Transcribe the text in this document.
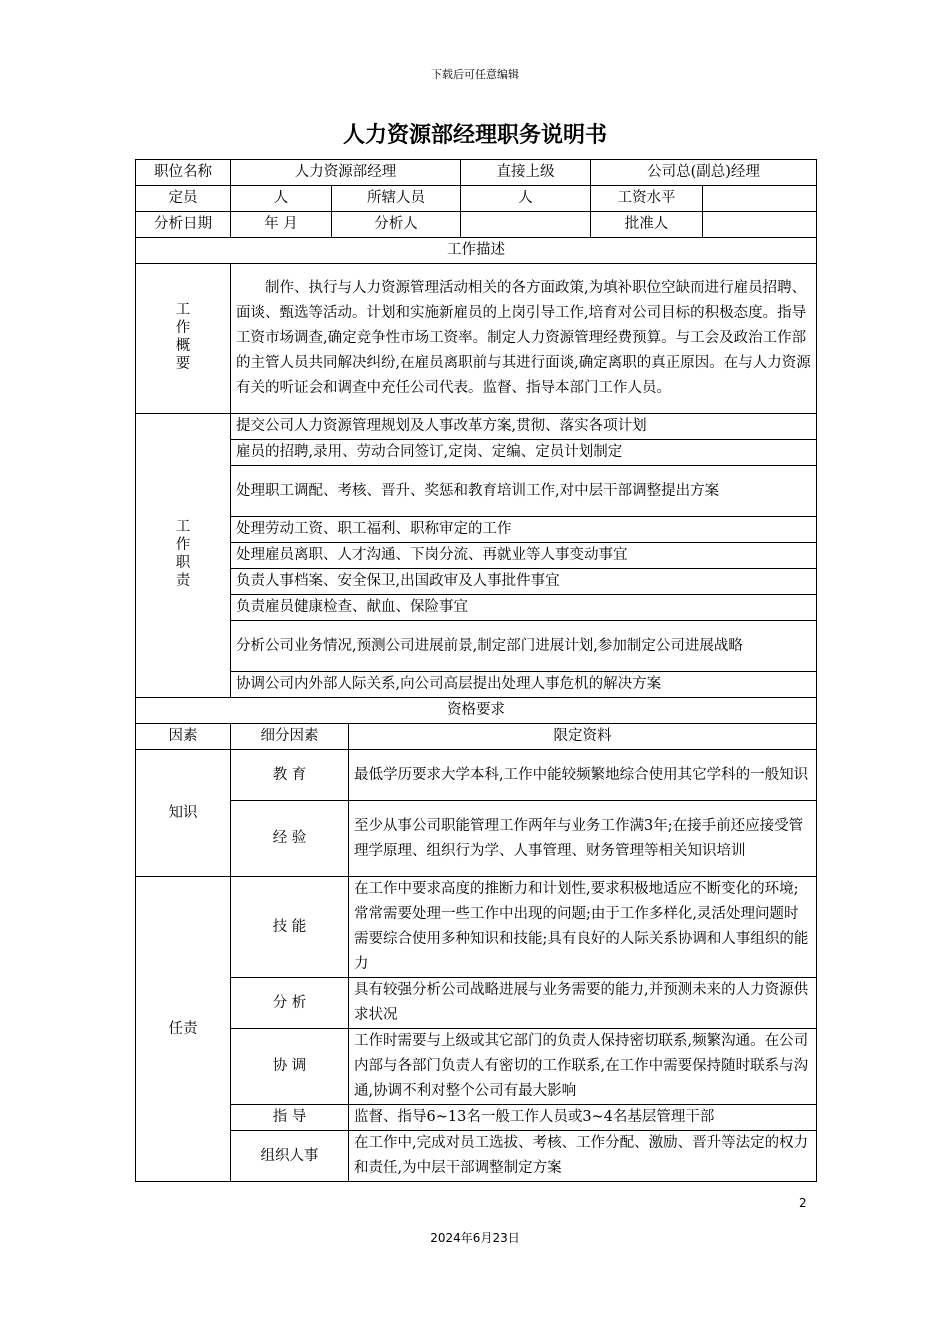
下载后可任意编辑
人力资源部经理职务说明书
职位名称	人力资源部经理			直接上级	公司总(副总)经理	
定员	人	所辖人员		人	工资水平	
分析日期	年 月	分析人			批准人	
工作描述						
工作概要	制作、执行与人力资源管理活动相关的各方面政策,为填补职位空缺而进行雇员招聘、面谈、甄选等活动。计划和实施新雇员的上岗引导工作,培育对公司目标的积极态度。指导工资市场调查,确定竞争性市场工资率。制定人力资源管理经费预算。与工会及政治工作部的主管人员共同解决纠纷,在雇员离职前与其进行面谈,确定离职的真正原因。在与人力资源有关的听证会和调查中充任公司代表。监督、指导本部门工作人员。					
工作职责	提交公司人力资源管理规划及人事改革方案,贯彻、落实各项计划					
	雇员的招聘,录用、劳动合同签订,定岗、定编、定员计划制定					
	处理职工调配、考核、晋升、奖惩和教育培训工作,对中层干部调整提出方案					
	处理劳动工资、职工福利、职称审定的工作					
	处理雇员离职、人才沟通、下岗分流、再就业等人事变动事宜					
	负责人事档案、安全保卫,出国政审及人事批件事宜					
	负责雇员健康检查、献血、保险事宜					
	分析公司业务情况,预测公司进展前景,制定部门进展计划,参加制定公司进展战略					
	协调公司内外部人际关系,向公司高层提出处理人事危机的解决方案					
资格要求						
因素	细分因素		限定资料			
知识	教 育		最低学历要求大学本科,工作中能较频繁地综合使用其它学科的一般知识			
	经 验		至少从事公司职能管理工作两年与业务工作满3年;在接手前还应接受管理学原理、组织行为学、人事管理、财务管理等相关知识培训			
任责	技 能		在工作中要求高度的推断力和计划性,要求积极地适应不断变化的环境;常常需要处理一些工作中出现的问题;由于工作多样化,灵活处理问题时需要综合使用多种知识和技能;具有良好的人际关系协调和人事组织的能力			
	分 析		具有较强分析公司战略进展与业务需要的能力,并预测未来的人力资源供求状况			
	协 调		工作时需要与上级或其它部门的负责人保持密切联系,频繁沟通。在公司内部与各部门负责人有密切的工作联系,在工作中需要保持随时联系与沟通,协调不利对整个公司有最大影响			
	指 导		监督、指导6~13名一般工作人员或3~4名基层管理干部			
	组织人事		在工作中,完成对员工选拔、考核、工作分配、激励、晋升等法定的权力和责任,为中层干部调整制定方案			
2
2024年6月23日
